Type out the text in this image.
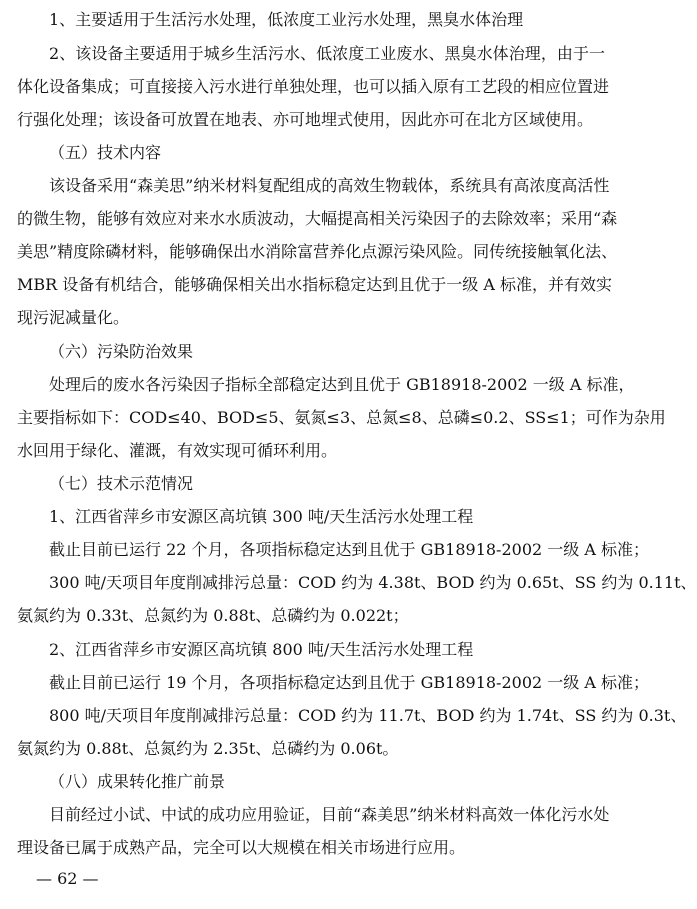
1、主要适用于生活污水处理，低浓度工业污水处理，黑臭水体治理
2、该设备主要适用于城乡生活污水、低浓度工业废水、黑臭水体治理，由于一
体化设备集成；可直接接入污水进行单独处理，也可以插入原有工艺段的相应位置进
行强化处理；该设备可放置在地表、亦可地埋式使用，因此亦可在北方区域使用。
（五）技术内容
该设备采用“森美思”纳米材料复配组成的高效生物载体，系统具有高浓度高活性
的微生物，能够有效应对来水水质波动，大幅提高相关污染因子的去除效率；采用“森
美思”精度除磷材料，能够确保出水消除富营养化点源污染风险。同传统接触氧化法、
MBR 设备有机结合，能够确保相关出水指标稳定达到且优于一级 A 标准，并有效实
现污泥减量化。
（六）污染防治效果
处理后的废水各污染因子指标全部稳定达到且优于 GB18918-2002 一级 A 标准，
主要指标如下：COD≤40、BOD≤5、氨氮≤3、总氮≤8、总磷≤0.2、SS≤1；可作为杂用
水回用于绿化、灌溉，有效实现可循环利用。
（七）技术示范情况
1、江西省萍乡市安源区高坑镇 300 吨/天生活污水处理工程
截止目前已运行 22 个月，各项指标稳定达到且优于 GB18918-2002 一级 A 标准；
300 吨/天项目年度削减排污总量：COD 约为 4.38t、BOD 约为 0.65t、SS 约为 0.11t、
氨氮约为 0.33t、总氮约为 0.88t、总磷约为 0.022t；
2、江西省萍乡市安源区高坑镇 800 吨/天生活污水处理工程
截止目前已运行 19 个月，各项指标稳定达到且优于 GB18918-2002 一级 A 标准；
800 吨/天项目年度削减排污总量：COD 约为 11.7t、BOD 约为 1.74t、SS 约为 0.3t、
氨氮约为 0.88t、总氮约为 2.35t、总磷约为 0.06t。
（八）成果转化推广前景
目前经过小试、中试的成功应用验证，目前“森美思”纳米材料高效一体化污水处
理设备已属于成熟产品，完全可以大规模在相关市场进行应用。
— 62 —
